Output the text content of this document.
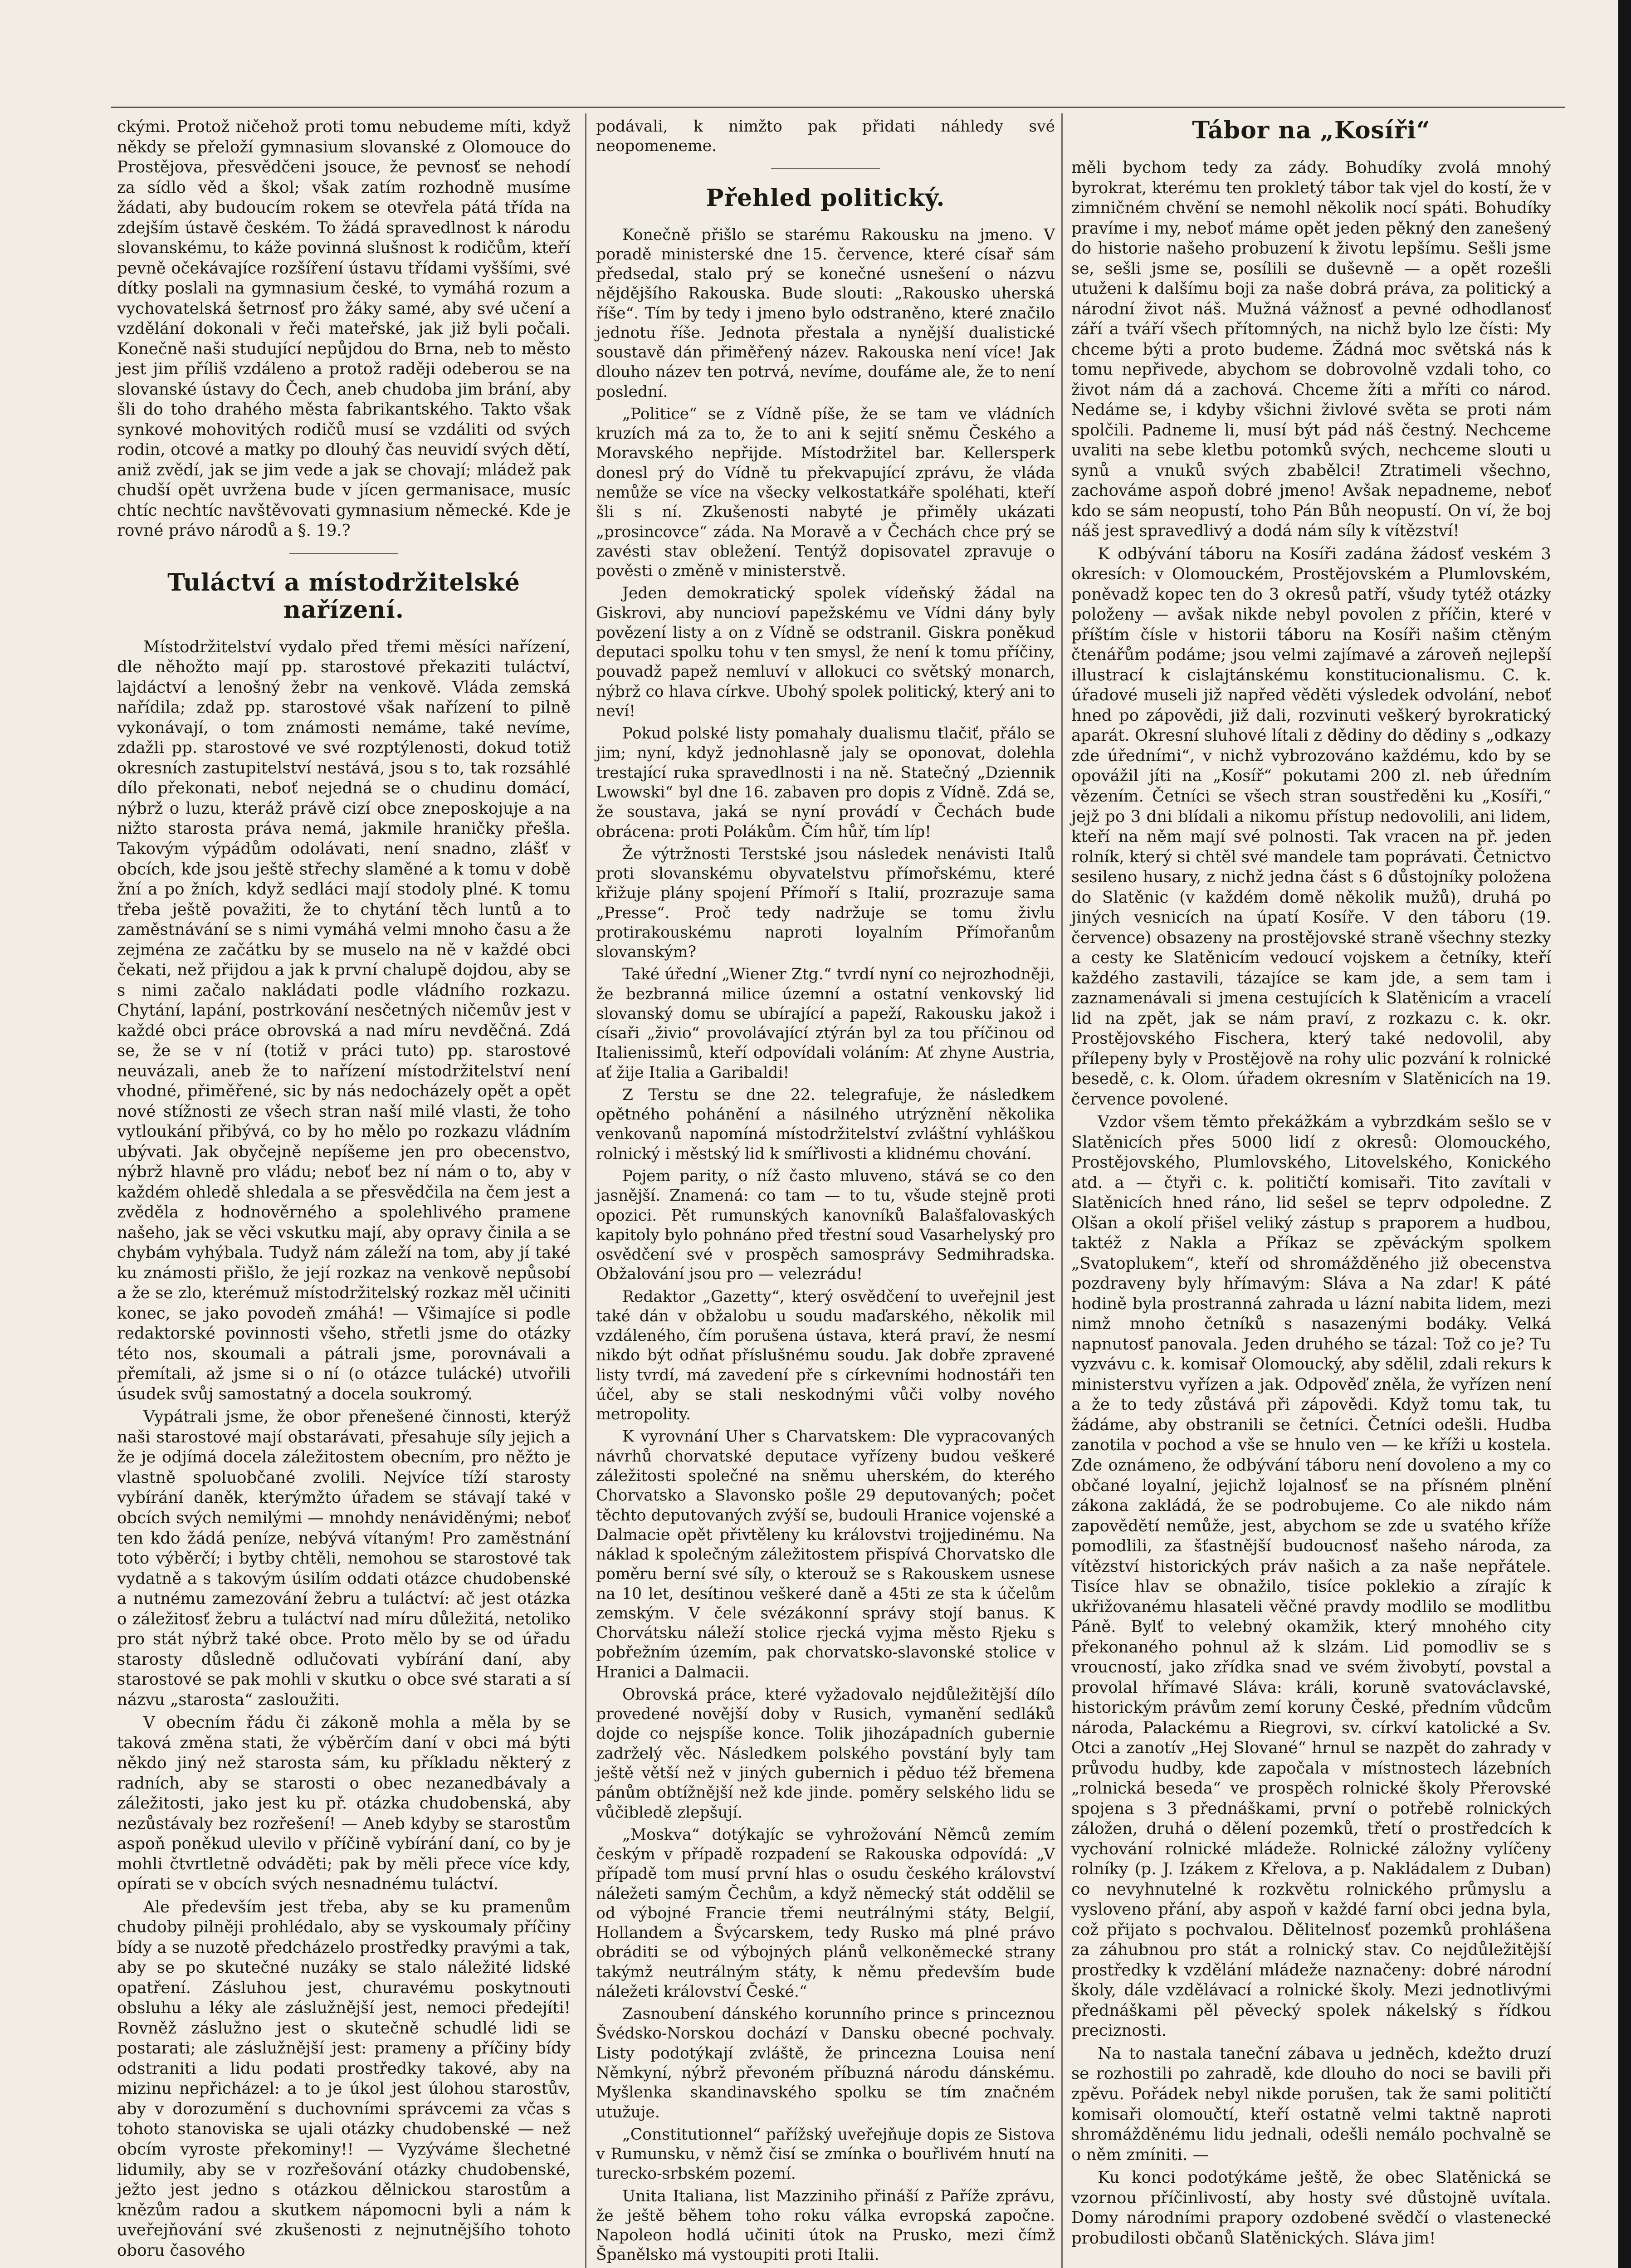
ckými. Protož ničehož proti tomu nebudeme míti, když někdy se přeloží gymnasium slovanské z Olomouce do Prostějova, přesvědčeni jsouce, že pevnosť se nehodí za sídlo věd a škol; však zatím rozhodně musíme žádati, aby budoucím rokem se otevřela pátá třída na zdejším ústavě českém. To žádá spravedlnost k národu slovanskému, to káže povinná slušnost k rodičům, kteří pevně očekávajíce rozšíření ústavu třídami vyššími, své dítky poslali na gymnasium české, to vymáhá rozum a vychovatelská šetrnosť pro žáky samé, aby své učení a vzdělání dokonali v řeči mateřské, jak již byli počali. Konečně naši studující nepůjdou do Brna, neb to město jest jim příliš vzdáleno a protož raději odeberou se na slovanské ústavy do Čech, aneb chudoba jim brání, aby šli do toho drahého města fabrikantského. Takto však synkové mohovitých rodičů musí se vzdáliti od svých rodin, otcové a matky po dlouhý čas neuvidí svých dětí, aniž zvědí, jak se jim vede a jak se chovají; mládež pak chudší opět uvržena bude v jícen germanisace, musíc chtíc nechtíc navštěvovati gymnasium německé. Kde je rovné právo národů a §. 19.?

Tuláctví a místodržitelské nařízení.

Místodržitelství vydalo před třemi měsíci nařízení, dle něhožto mají pp. starostové překaziti tuláctví, lajdáctví a lenošný žebr na venkově. Vláda zemská nařídila; zdaž pp. starostové však nařízení to pilně vykonávají, o tom známosti nemáme, také nevíme, zdažli pp. starostové ve své rozptýlenosti, dokud totiž okresních zastupitelství nestává, jsou s to, tak rozsáhlé dílo překonati, neboť nejedná se o chudinu domácí, nýbrž o luzu, kteráž právě cizí obce zneposkojuje a na nižto starosta práva nemá, jakmile hraničky přešla. Takovým výpádům odolávati, není snadno, zlášť v obcích, kde jsou ještě střechy slaměné a k tomu v době žní a po žních, když sedláci mají stodoly plné. K tomu třeba ještě považiti, že to chytání těch luntů a to zaměstnávání se s nimi vymáhá velmi mnoho času a že zejména ze začátku by se muselo na ně v každé obci čekati, než přijdou a jak k první chalupě dojdou, aby se s nimi začalo nakládati podle vládního rozkazu. Chytání, lapání, postrkování nesčetných ničemův jest v každé obci práce obrovská a nad míru nevděčná. Zdá se, že se v ní (totiž v práci tuto) pp. starostové neuvázali, aneb že to nařízení místodržitelství není vhodné, přiměřené, sic by nás nedocházely opět a opět nové stížnosti ze všech stran naší milé vlasti, že toho vytloukání přibývá, co by ho mělo po rozkazu vládním ubývati. Jak obyčejně nepíšeme jen pro obecenstvo, nýbrž hlavně pro vládu; neboť bez ní nám o to, aby v každém ohledě shledala a se přesvědčila na čem jest a zvěděla z hodnověrného a spolehlivého pramene našeho, jak se věci vskutku mají, aby opravy činila a se chybám vyhýbala. Tudyž nám záleží na tom, aby jí také ku známosti přišlo, že její rozkaz na venkově nepůsobí a že se zlo, kterémuž místodržitelský rozkaz měl učiniti konec, se jako povodeň zmáhá! — Všimajíce si podle redaktorské povinnosti všeho, střetli jsme do otázky této nos, skoumali a pátrali jsme, porovnávali a přemítali, až jsme si o ní (o otázce tulácké) utvořili úsudek svůj samostatný a docela soukromý.

Vypátrali jsme, že obor přenešené činnosti, kterýž naši starostové mají obstarávati, přesahuje síly jejich a že je odjímá docela záležitostem obecním, pro něžto je vlastně spoluobčané zvolili. Nejvíce tíží starosty vybírání daněk, kterýmžto úřadem se stávají také v obcích svých nemilými — mnohdy nenáviděnými; neboť ten kdo žádá peníze, nebývá vítaným! Pro zaměstnání toto výběrčí; i bytby chtěli, nemohou se starostové tak vydatně a s takovým úsilím oddati otázce chudobenské a nutnému zamezování žebru a tuláctví: ač jest otázka o záležitosť žebru a tuláctví nad míru důležitá, netoliko pro stát nýbrž také obce. Proto mělo by se od úřadu starosty důsledně odlučovati vybírání daní, aby starostové se pak mohli v skutku o obce své starati a sí názvu „starosta“ zasloužiti.

V obecním řádu či zákoně mohla a měla by se taková změna stati, že výběrčím daní v obci má býti někdo jiný než starosta sám, ku příkladu některý z radních, aby se starosti o obec nezanedbávaly a záležitosti, jako jest ku př. otázka chudobenská, aby nezůstávaly bez rozřešení! — Aneb kdyby se starostům aspoň poněkud ulevilo v příčině vybírání daní, co by je mohli čtvrtletně odváděti; pak by měli přece více kdy, opírati se v obcích svých nesnadnému tuláctví.

Ale především jest třeba, aby se ku pramenům chudoby pilněji prohlédalo, aby se vyskoumaly příčiny bídy a se nuzotě předcházelo prostředky pravými a tak, aby se po skutečné nuzáky se stalo náležité lidské opatření. Zásluhou jest, churavému poskytnouti obsluhu a léky ale záslužnější jest, nemoci předejíti! Rovněž záslužno jest o skutečně schudlé lidi se postarati; ale záslužnější jest: prameny a příčiny bídy odstraniti a lidu podati prostředky takové, aby na mizinu nepřicházel: a to je úkol jest úlohou starostův, aby v dorozumění s duchovními správcemi za včas s tohoto stanoviska se ujali otázky chudobenské — než obcím vyroste překominy!! — Vyzýváme šlechetné lidumily, aby se v rozřešování otázky chudobenské, ježto jest jedno s otázkou dělnickou starostům a knězům radou a skutkem nápomocni byli a nám k uveřejňování své zkušenosti z nejnutnějšího tohoto oboru časového

podávali, k nimžto pak přidati náhledy své neopomeneme.

Přehled politický.

Konečně přišlo se starému Rakousku na jmeno. V poradě ministerské dne 15. července, které císař sám předsedal, stalo prý se konečné usnešení o názvu nějdějšího Rakouska. Bude slouti: „Rakousko uherská říše“. Tím by tedy i jmeno bylo odstraněno, které značilo jednotu říše. Jednota přestala a nynější dualistické soustavě dán přiměřený název. Rakouska není více! Jak dlouho název ten potrvá, nevíme, doufáme ale, že to není poslední.

„Politice“ se z Vídně píše, že se tam ve vládních kruzích má za to, že to ani k sejití sněmu Českého a Moravského nepřijde. Místodržitel bar. Kellersperk donesl prý do Vídně tu překvapující zprávu, že vláda nemůže se více na všecky velkostatkáře spoléhati, kteří šli s ní. Zkušenosti nabyté je přiměly ukázati „prosincovce“ záda. Na Moravě a v Čechách chce prý se zavésti stav obležení. Tentýž dopisovatel zpravuje o pověsti o změně v ministerstvě.

Jeden demokratický spolek vídeňský žádal na Giskrovi, aby nuncioví papežskému ve Vídni dány byly povězení listy a on z Vídně se odstranil. Giskra poněkud deputaci spolku tohu v ten smysl, že není k tomu příčiny, pouvadž papež nemluví v allokuci co světský monarch, nýbrž co hlava církve. Ubohý spolek politický, který ani to neví!

Pokud polské listy pomahaly dualismu tlačiť, přálo se jim; nyní, když jednohlasně jaly se oponovat, dolehla trestající ruka spravedlnosti i na ně. Statečný „Dziennik Lwowski“ byl dne 16. zabaven pro dopis z Vídně. Zdá se, že soustava, jaká se nyní provádí v Čechách bude obrácena: proti Polákům. Čím hůř, tím líp!

Že výtržnosti Terstské jsou následek nenávisti Italů proti slovanskému obyvatelstvu přímořskému, které křižuje plány spojení Přímoří s Italií, prozrazuje sama „Presse“. Proč tedy nadržuje se tomu živlu protirakouskému naproti loyalním Přímořanům slovanským?

Také úřední „Wiener Ztg.“ tvrdí nyní co nejrozhodněji, že bezbranná milice územní a ostatní venkovský lid slovanský domu se ubírající a papeží, Rakousku jakož i císaři „živio“ provolávající ztýrán byl za tou příčinou od Italienissimů, kteří odpovídali voláním: Ať zhyne Austria, ať žije Italia a Garibaldi!

Z Terstu se dne 22. telegrafuje, že následkem opětného pohánění a násilného utrýznění několika venkovanů napomíná místodržitelství zvláštní vyhláškou rolnický i městský lid k smířlivosti a klidnému chování.

Pojem parity, o níž často mluveno, stává se co den jasnější. Znamená: co tam — to tu, všude stejně proti opozici. Pět rumunských kanovníků Balašfalovaských kapitoly bylo pohnáno před třestní soud Vasarhelyský pro osvědčení své v prospěch samosprávy Sedmihradska. Obžalování jsou pro — velezrádu!

Redaktor „Gazetty“, který osvědčení to uveřejnil jest také dán v obžalobu u soudu maďarského, několik mil vzdáleného, čím porušena ústava, která praví, že nesmí nikdo být odňat příslušnému soudu. Jak dobře zpravené listy tvrdí, má zavedení pře s církevními hodnostáři ten účel, aby se stali neskodnými vůči volby nového metropolity.

K vyrovnání Uher s Charvatskem: Dle vypracovaných návrhů chorvatské deputace vyřízeny budou veškeré záležitosti společné na sněmu uherském, do kterého Chorvatsko a Slavonsko pošle 29 deputovaných; počet těchto deputovaných zvýší se, budouli Hranice vojenské a Dalmacie opět přivtěleny ku královstvi trojjedinému. Na náklad k společným záležitostem přispívá Chorvatsko dle poměru berní své síly, o kterouž se s Rakouskem usnese na 10 let, desítinou veškeré daně a 45ti ze sta k účelům zemským. V čele svézákonní správy stojí banus. K Chorvátsku náleží stolice rjecká vyjma město Rjeku s pobřežním územím, pak chorvatsko-slavonské stolice v Hranici a Dalmacii.

Obrovská práce, které vyžadovalo nejdůležitější dílo provedené novější doby v Rusich, vymanění sedláků dojde co nejspíše konce. Tolik jihozápadních gubernie zadrželý věc. Následkem polského povstání byly tam ještě větší než v jiných gubernich i pěduo též břemena pánům obtížnější než kde jinde. poměry selského lidu se vůčibledě zlepšují.

„Moskva“ dotýkajíc se vyhrožování Němců zemím českým v případě rozpadení se Rakouska odpovídá: „V případě tom musí první hlas o osudu českého království náležeti samým Čechům, a když německý stát oddělil se od výbojné Francie třemi neutrálnými státy, Belgií, Hollandem a Švýcarskem, tedy Rusko má plné právo obráditi se od výbojných plánů velkoněmecké strany takýmž neutrálným státy, k němu především bude náležeti království České.“

Zasnoubení dánského korunního prince s princeznou Švédsko-Norskou dochází v Dansku obecné pochvaly. Listy podotýkají zvláště, že princezna Louisa není Němkyní, nýbrž převoném příbuzná národu dánskému. Myšlenka skandinavského spolku se tím značném utužuje.

„Constitutionnel“ pařížský uveřejňuje dopis ze Sistova v Rumunsku, v němž čisí se zmínka o bouřlivém hnutí na turecko-srbském pozemí.

Unita Italiana, list Mazziniho přináší z Paříže zprávu, že ještě během toho roku válka evropská započne. Napoleon hodlá učiniti útok na Prusko, mezi čímž Španělsko má vystoupiti proti Italii.

Tábor na „Kosíři“

měli bychom tedy za zády. Bohudíky zvolá mnohý byrokrat, kterému ten prokletý tábor tak vjel do kostí, že v zimničném chvění se nemohl několik nocí spáti. Bohudíky pravíme i my, neboť máme opět jeden pěkný den zanešený do historie našeho probuzení k životu lepšímu. Sešli jsme se, sešli jsme se, posílili se duševně — a opět rozešli utuženi k dalšímu boji za naše dobrá práva, za politický a národní život náš. Mužná vážnosť a pevné odhodlanosť září a tváří všech přítomných, na nichž bylo lze čísti: My chceme býti a proto budeme. Žádná moc světská nás k tomu nepřivede, abychom se dobrovolně vzdali toho, co život nám dá a zachová. Chceme žíti a mříti co národ. Nedáme se, i kdyby všichni živlové světa se proti nám spolčili. Padneme li, musí být pád náš čestný. Nechceme uvaliti na sebe kletbu potomků svých, nechceme slouti u synů a vnuků svých zbabělci! Ztratimeli všechno, zachováme aspoň dobré jmeno! Avšak nepadneme, neboť kdo se sám neopustí, toho Pán Bůh neopustí. On ví, že boj náš jest spravedlivý a dodá nám síly k vítězství!

K odbývání táboru na Kosíři zadána žádosť veském 3 okresích: v Olomouckém, Prostějovském a Plumlovském, poněvadž kopec ten do 3 okresů patří, všudy tytéž otázky položeny — avšak nikde nebyl povolen z příčin, které v příštím čísle v historii táboru na Kosíři našim ctěným čtenářům podáme; jsou velmi zajímavé a zároveň nejlepší illustrací k cislajtánskému konstitucionalismu. C. k. úřadové museli již napřed věděti výsledek odvolání, neboť hned po zápovědi, již dali, rozvinuti veškerý byrokratický aparát. Okresní sluhové lítali z dědiny do dědiny s „odkazy zde úředními“, v nichž vybrozováno každému, kdo by se opovážil jíti na „Kosíř“ pokutami 200 zl. neb úředním vězením. Četníci se všech stran soustředěni ku „Kosíři,“ jejž po 3 dni blídali a nikomu přístup nedovolili, ani lidem, kteří na něm mají své polnosti. Tak vracen na př. jeden rolník, který si chtěl své mandele tam poprávati. Četnictvo sesileno husary, z nichž jedna část s 6 důstojníky položena do Slatěnic (v každém domě několik mužů), druhá po jiných vesnicích na úpatí Kosíře. V den táboru (19. července) obsazeny na prostějovské straně všechny stezky a cesty ke Slatěnicím vedoucí vojskem a četníky, kteří každého zastavili, tázajíce se kam jde, a sem tam i zaznamenávali si jmena cestujících k Slatěnicím a vracelí lid na zpět, jak se nám praví, z rozkazu c. k. okr. Prostějovského Fischera, který také nedovolil, aby přílepeny byly v Prostějově na rohy ulic pozvání k rolnické besedě, c. k. Olom. úřadem okresním v Slatěnicích na 19. července povolené.

Vzdor všem těmto překážkám a vybrzdkám sešlo se v Slatěnicích přes 5000 lidí z okresů: Olomouckého, Prostějovského, Plumlovského, Litovelského, Konického atd. a — čtyři c. k. političtí komisaři. Tito zavítali v Slatěnicích hned ráno, lid sešel se teprv odpoledne. Z Olšan a okolí přišel veliký zástup s praporem a hudbou, taktéž z Nakla a Příkaz se zpěváckým spolkem „Svatoplukem“, kteří od shromážděného již obecenstva pozdraveny byly hřímavým: Sláva a Na zdar! K páté hodině byla prostranná zahrada u lázní nabita lidem, mezi nimž mnoho četníků s nasazenými bodáky. Velká napnutosť panovala. Jeden druhého se tázal: Tož co je? Tu vyzvávu c. k. komisař Olomoucký, aby sdělil, zdali rekurs k ministerstvu vyřízen a jak. Odpověď zněla, že vyřízen není a že to tedy zůstává při zápovědi. Když tomu tak, tu žádáme, aby obstranili se četníci. Četníci odešli. Hudba zanotila v pochod a vše se hnulo ven — ke kříži u kostela. Zde oznámeno, že odbývání táboru není dovoleno a my co občané loyalní, jejichž lojalnosť se na přísném plnění zákona zakládá, že se podrobujeme. Co ale nikdo nám zapovědětí nemůže, jest, abychom se zde u svatého kříže pomodlili, za šťastnější budoucnosť našeho národa, za vítězství historických práv našich a za naše nepřátele. Tisíce hlav se obnažilo, tisíce poklekio a zírajíc k ukřižovanému hlasateli věčné pravdy modlilo se modlitbu Páně. Bylť to velebný okamžik, který mnohého city překonaného pohnul až k slzám. Lid pomodliv se s vroucností, jako zřídka snad ve svém živobytí, povstal a provolal hřímavé Sláva: králi, koruně svatováclavské, historickým právům zemí koruny České, předním vůdcům národa, Palackému a Riegrovi, sv. církví katolické a Sv. Otci a zanotív „Hej Slované“ hrnul se nazpět do zahrady v průvodu hudby, kde započala v místnostech lázebních „rolnická beseda“ ve prospěch rolnické školy Přerovské spojena s 3 přednáškami, první o potřebě rolnických záložen, druhá o dělení pozemků, třetí o prostředcích k vychování rolnické mládeže. Rolnické záložny vylíčeny rolníky (p. J. Izákem z Křelova, a p. Nakládalem z Duban) co nevyhnutelné k rozkvětu rolnického průmyslu a vysloveno přání, aby aspoň v každé farní obci jedna byla, což přijato s pochvalou. Dělitelnosť pozemků prohlášena za záhubnou pro stát a rolnický stav. Co nejdůležitější prostředky k vzdělání mládeže naznačeny: dobré národní školy, dále vzdělávací a rolnické školy. Mezi jednotlivými přednáškami pěl pěvecký spolek nákelský s řídkou preciznosti.

Na to nastala taneční zábava u jedněch, kdežto druzí se rozhostili po zahradě, kde dlouho do noci se bavili při zpěvu. Pořádek nebyl nikde porušen, tak že sami političtí komisaři olomoučtí, kteří ostatně velmi taktně naproti shromážděnému lidu jednali, odešli nemálo pochvalně se o něm zmíniti. —

Ku konci podotýkáme ještě, že obec Slatěnická se vzornou příčinlivostí, aby hosty své důstojně uvítala. Domy národními prapory ozdobené svědčí o vlastenecké probudilosti občanů Slatěnických. Sláva jim!
